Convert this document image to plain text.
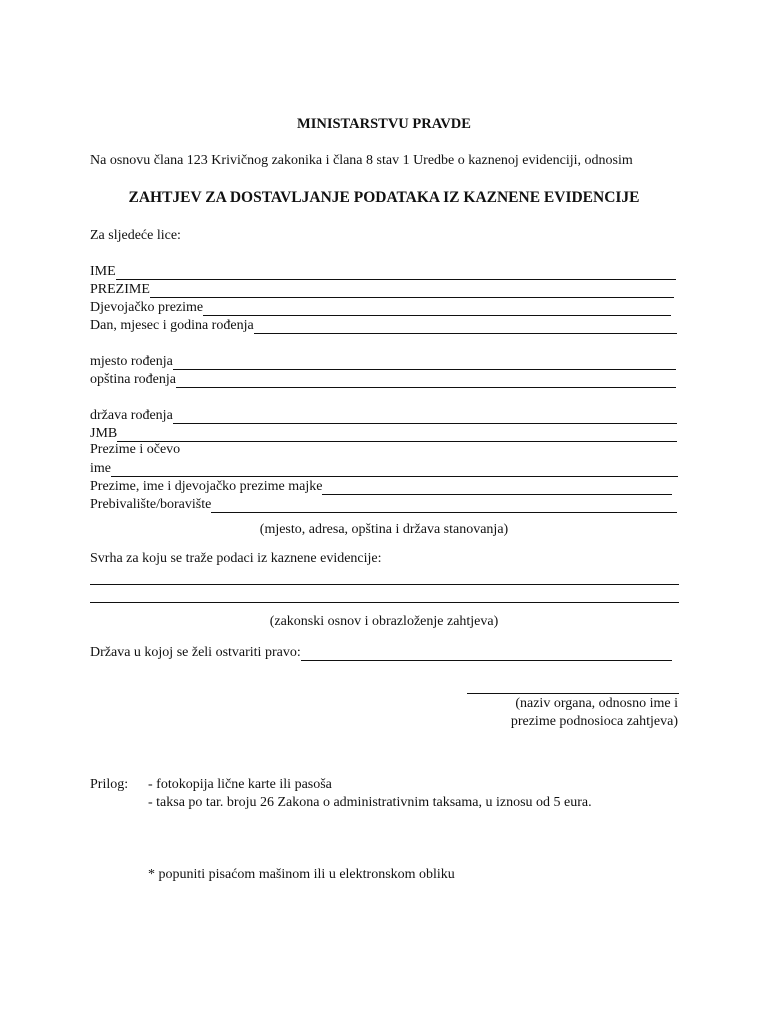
MINISTARSTVU PRAVDE
Na osnovu člana 123 Krivičnog zakonika i člana 8 stav 1 Uredbe o kaznenoj evidenciji, odnosim
ZAHTJEV ZA DOSTAVLJANJE PODATAKA IZ KAZNENE EVIDENCIJE
Za sljedeće lice:
IME
PREZIME
Djevojačko prezime
Dan, mjesec i godina rođenja
mjesto rođenja
opština rođenja
država rođenja
JMB
Prezime i očevo
ime
Prezime, ime i djevojačko prezime majke
Prebivalište/boravište
(mjesto, adresa, opština i država stanovanja)
Svrha za koju se traže podaci iz kaznene evidencije:
(zakonski osnov i obrazloženje zahtjeva)
Država u kojoj se želi ostvariti pravo:
(naziv organa, odnosno ime i
prezime podnosioca zahtjeva)
Prilog: - fotokopija lične karte ili pasoša
- taksa po tar. broju 26 Zakona o administrativnim taksama, u iznosu od 5 eura.
* popuniti pisaćom mašinom ili u elektronskom obliku
